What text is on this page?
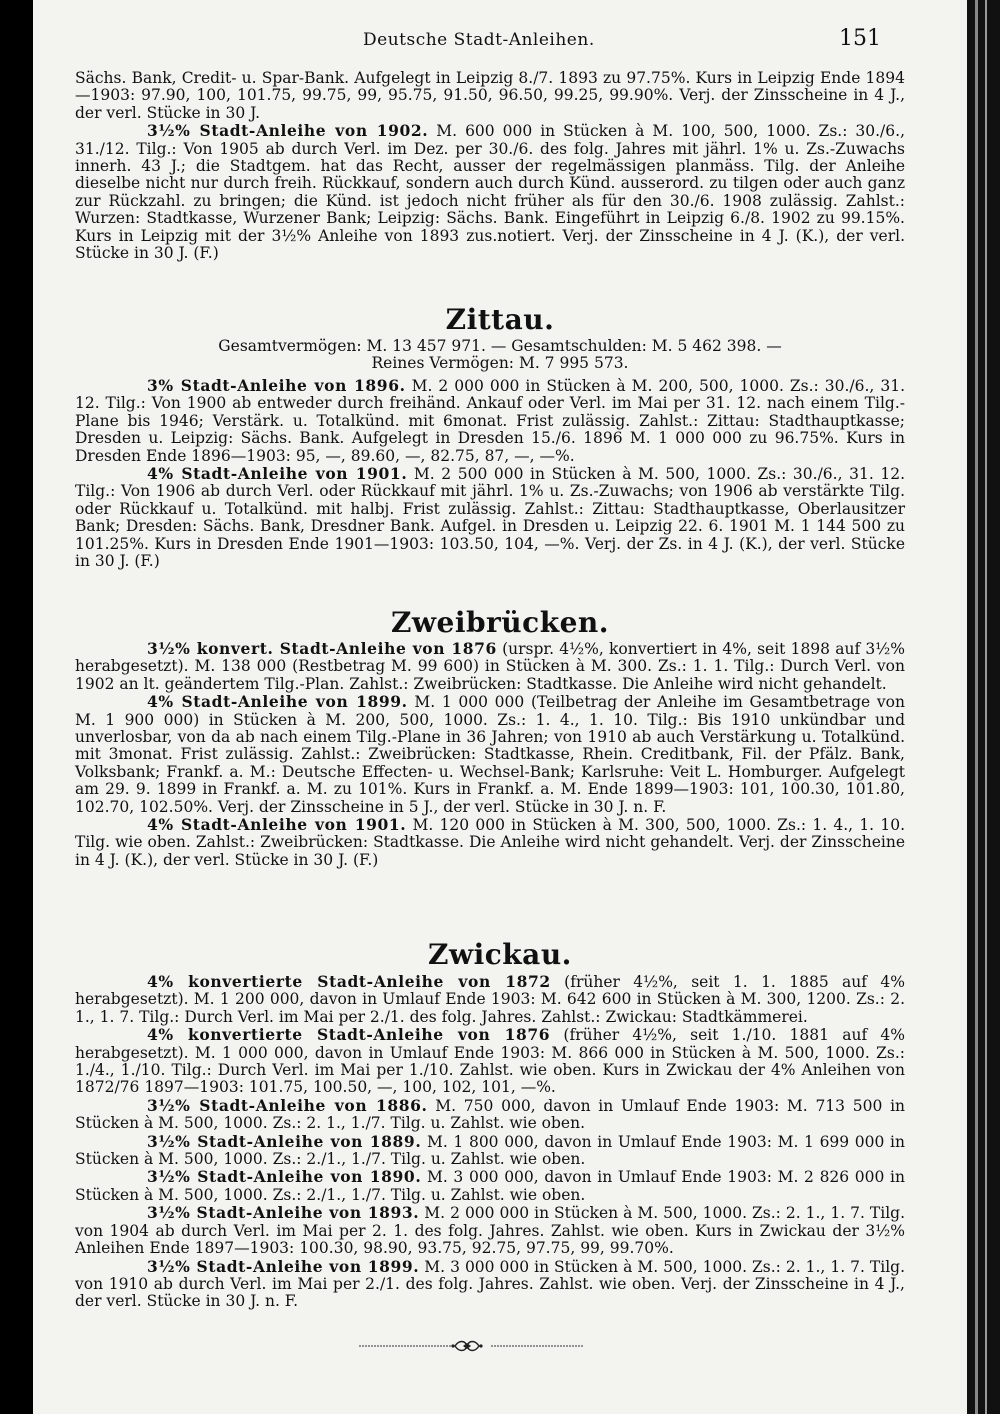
Deutsche Stadt-Anleihen.	151

Sächs. Bank, Credit- u. Spar-Bank. Aufgelegt in Leipzig 8./7. 1893 zu 97.75%. Kurs in Leipzig Ende 1894—1903: 97.90, 100, 101.75, 99.75, 99, 95.75, 91.50, 96.50, 99.25, 99.90%. Verj. der Zinsscheine in 4 J., der verl. Stücke in 30 J.

3½% Stadt-Anleihe von 1902. M. 600 000 in Stücken à M. 100, 500, 1000. Zs.: 30./6., 31./12. Tilg.: Von 1905 ab durch Verl. im Dez. per 30./6. des folg. Jahres mit jährl. 1% u. Zs.-Zuwachs innerh. 43 J.; die Stadtgem. hat das Recht, ausser der regelmässigen planmäss. Tilg. der Anleihe dieselbe nicht nur durch freih. Rückkauf, sondern auch durch Künd. ausserord. zu tilgen oder auch ganz zur Rückzahl. zu bringen; die Künd. ist jedoch nicht früher als für den 30./6. 1908 zulässig. Zahlst.: Wurzen: Stadtkasse, Wurzener Bank; Leipzig: Sächs. Bank. Eingeführt in Leipzig 6./8. 1902 zu 99.15%. Kurs in Leipzig mit der 3½% Anleihe von 1893 zus.notiert. Verj. der Zinsscheine in 4 J. (K.), der verl. Stücke in 30 J. (F.)

Zittau.
Gesamtvermögen: M. 13 457 971. — Gesamtschulden: M. 5 462 398. —
Reines Vermögen: M. 7 995 573.

3% Stadt-Anleihe von 1896. M. 2 000 000 in Stücken à M. 200, 500, 1000. Zs.: 30./6., 31. 12. Tilg.: Von 1900 ab entweder durch freihänd. Ankauf oder Verl. im Mai per 31. 12. nach einem Tilg.-Plane bis 1946; Verstärk. u. Totalkünd. mit 6monat. Frist zulässig. Zahlst.: Zittau: Stadthauptkasse; Dresden u. Leipzig: Sächs. Bank. Aufgelegt in Dresden 15./6. 1896 M. 1 000 000 zu 96.75%. Kurs in Dresden Ende 1896—1903: 95, —, 89.60, —, 82.75, 87, —, —%.

4% Stadt-Anleihe von 1901. M. 2 500 000 in Stücken à M. 500, 1000. Zs.: 30./6., 31. 12. Tilg.: Von 1906 ab durch Verl. oder Rückkauf mit jährl. 1% u. Zs.-Zuwachs; von 1906 ab verstärkte Tilg. oder Rückkauf u. Totalkünd. mit halbj. Frist zulässig. Zahlst.: Zittau: Stadthauptkasse, Oberlausitzer Bank; Dresden: Sächs. Bank, Dresdner Bank. Aufgel. in Dresden u. Leipzig 22. 6. 1901 M. 1 144 500 zu 101.25%. Kurs in Dresden Ende 1901—1903: 103.50, 104, —%. Verj. der Zs. in 4 J. (K.), der verl. Stücke in 30 J. (F.)

Zweibrücken.

3½% konvert. Stadt-Anleihe von 1876 (urspr. 4½%, konvertiert in 4%, seit 1898 auf 3½% herabgesetzt). M. 138 000 (Restbetrag M. 99 600) in Stücken à M. 300. Zs.: 1. 1. Tilg.: Durch Verl. von 1902 an lt. geändertem Tilg.-Plan. Zahlst.: Zweibrücken: Stadtkasse. Die Anleihe wird nicht gehandelt.

4% Stadt-Anleihe von 1899. M. 1 000 000 (Teilbetrag der Anleihe im Gesamtbetrage von M. 1 900 000) in Stücken à M. 200, 500, 1000. Zs.: 1. 4., 1. 10. Tilg.: Bis 1910 unkündbar und unverlosbar, von da ab nach einem Tilg.-Plane in 36 Jahren; von 1910 ab auch Verstärkung u. Totalkünd. mit 3monat. Frist zulässig. Zahlst.: Zweibrücken: Stadtkasse, Rhein. Creditbank, Fil. der Pfälz. Bank, Volksbank; Frankf. a. M.: Deutsche Effecten- u. Wechsel-Bank; Karlsruhe: Veit L. Homburger. Aufgelegt am 29. 9. 1899 in Frankf. a. M. zu 101%. Kurs in Frankf. a. M. Ende 1899—1903: 101, 100.30, 101.80, 102.70, 102.50%. Verj. der Zinsscheine in 5 J., der verl. Stücke in 30 J. n. F.

4% Stadt-Anleihe von 1901. M. 120 000 in Stücken à M. 300, 500, 1000. Zs.: 1. 4., 1. 10. Tilg. wie oben. Zahlst.: Zweibrücken: Stadtkasse. Die Anleihe wird nicht gehandelt. Verj. der Zinsscheine in 4 J. (K.), der verl. Stücke in 30 J. (F.)

Zwickau.

4% konvertierte Stadt-Anleihe von 1872 (früher 4½%, seit 1. 1. 1885 auf 4% herabgesetzt). M. 1 200 000, davon in Umlauf Ende 1903: M. 642 600 in Stücken à M. 300, 1200. Zs.: 2. 1., 1. 7. Tilg.: Durch Verl. im Mai per 2./1. des folg. Jahres. Zahlst.: Zwickau: Stadtkämmerei.

4% konvertierte Stadt-Anleihe von 1876 (früher 4½%, seit 1./10. 1881 auf 4% herabgesetzt). M. 1 000 000, davon in Umlauf Ende 1903: M. 866 000 in Stücken à M. 500, 1000. Zs.: 1./4., 1./10. Tilg.: Durch Verl. im Mai per 1./10. Zahlst. wie oben. Kurs in Zwickau der 4% Anleihen von 1872/76 1897—1903: 101.75, 100.50, —, 100, 102, 101, —%.

3½% Stadt-Anleihe von 1886. M. 750 000, davon in Umlauf Ende 1903: M. 713 500 in Stücken à M. 500, 1000. Zs.: 2. 1., 1./7. Tilg. u. Zahlst. wie oben.

3½% Stadt-Anleihe von 1889. M. 1 800 000, davon in Umlauf Ende 1903: M. 1 699 000 in Stücken à M. 500, 1000. Zs.: 2./1., 1./7. Tilg. u. Zahlst. wie oben.

3½% Stadt-Anleihe von 1890. M. 3 000 000, davon in Umlauf Ende 1903: M. 2 826 000 in Stücken à M. 500, 1000. Zs.: 2./1., 1./7. Tilg. u. Zahlst. wie oben.

3½% Stadt-Anleihe von 1893. M. 2 000 000 in Stücken à M. 500, 1000. Zs.: 2. 1., 1. 7. Tilg. von 1904 ab durch Verl. im Mai per 2. 1. des folg. Jahres. Zahlst. wie oben. Kurs in Zwickau der 3½% Anleihen Ende 1897—1903: 100.30, 98.90, 93.75, 92.75, 97.75, 99, 99.70%.

3½% Stadt-Anleihe von 1899. M. 3 000 000 in Stücken à M. 500, 1000. Zs.: 2. 1., 1. 7. Tilg. von 1910 ab durch Verl. im Mai per 2./1. des folg. Jahres. Zahlst. wie oben. Verj. der Zinsscheine in 4 J., der verl. Stücke in 30 J. n. F.
